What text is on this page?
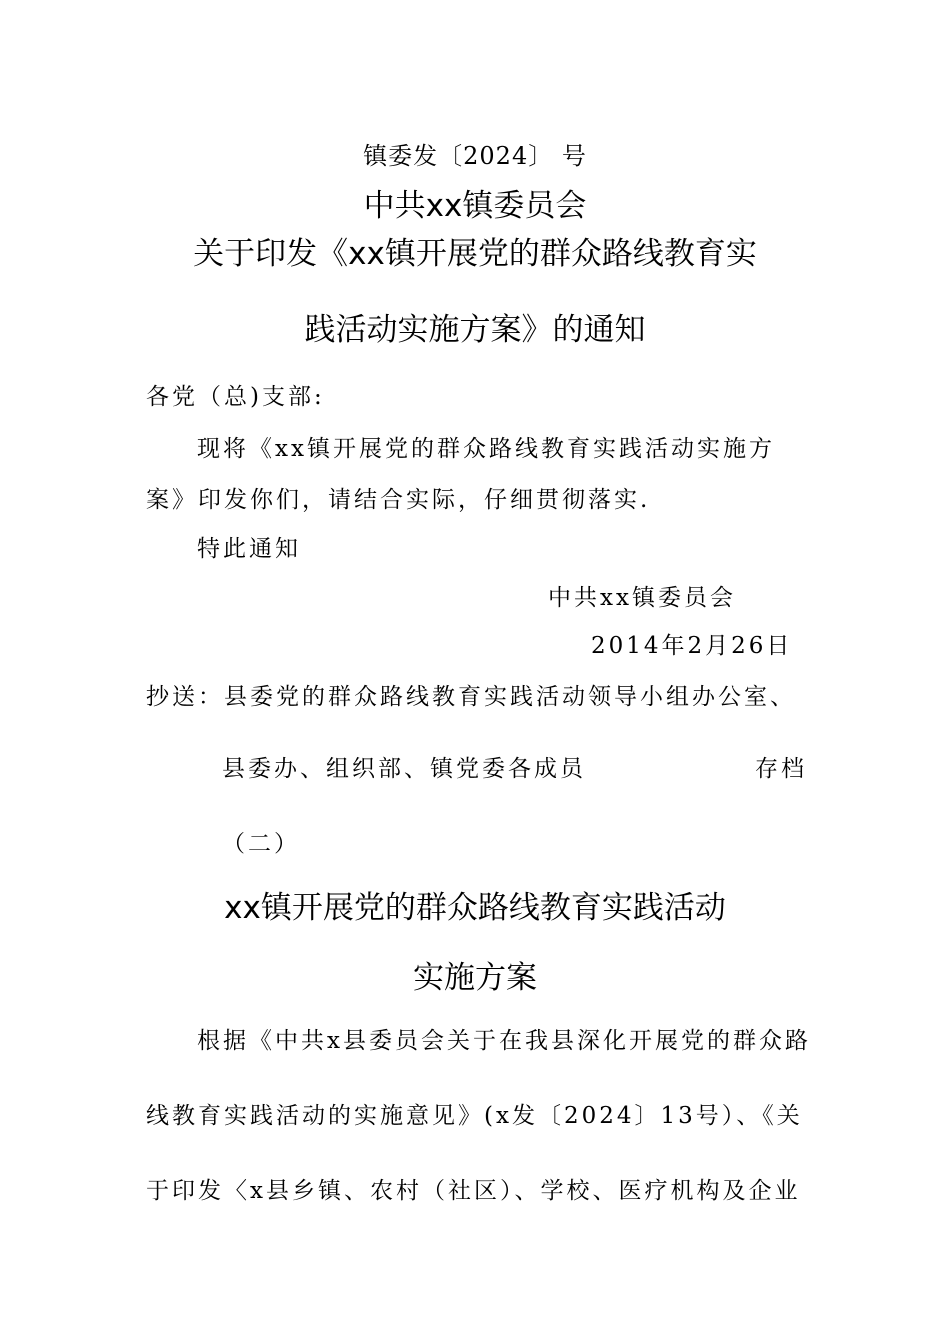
镇委发〔2024〕 号
中共xx镇委员会
关于印发《xx镇开展党的群众路线教育实
践活动实施方案》的通知
各党（总)支部:
现将《xx镇开展党的群众路线教育实践活动实施方
案》印发你们，请结合实际，仔细贯彻落实.
特此通知
中共xx镇委员会
2014年2月26日
抄送：县委党的群众路线教育实践活动领导小组办公室、
县委办、组织部、镇党委各成员	存档
（二）
xx镇开展党的群众路线教育实践活动
实施方案
根据《中共x县委员会关于在我县深化开展党的群众路
线教育实践活动的实施意见》(x发〔2024〕13号）、《关
于印发〈x县乡镇、农村（社区）、学校、医疗机构及企业
